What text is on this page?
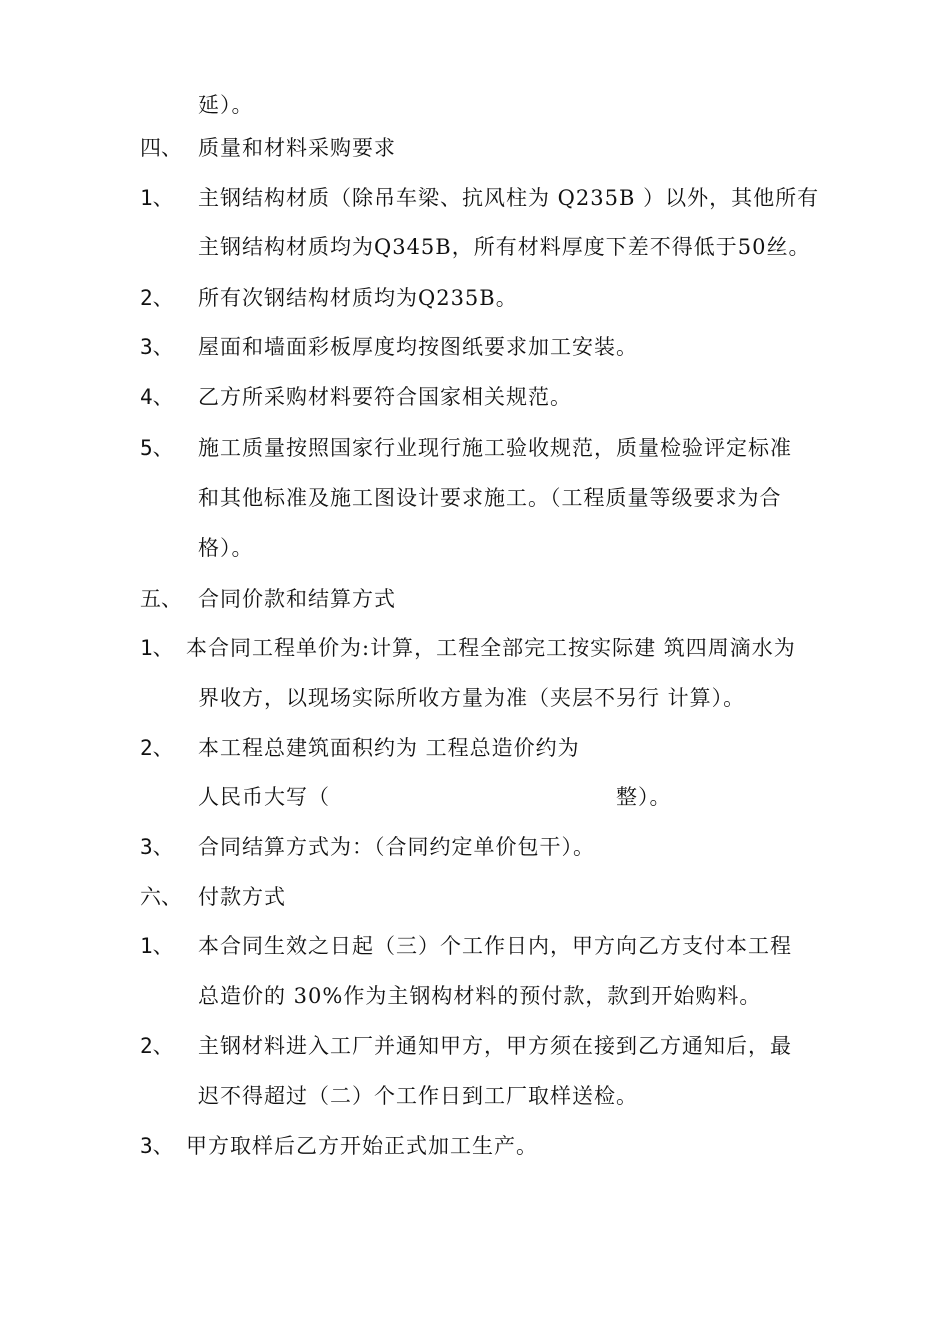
延）。
四、 质量和材料采购要求
1、 主钢结构材质（除吊车梁、抗风柱为 Q235B ）以外，其他所有
主钢结构材质均为Q345B，所有材料厚度下差不得低于50丝。
2、 所有次钢结构材质均为Q235B。
3、 屋面和墙面彩板厚度均按图纸要求加工安装。
4、 乙方所采购材料要符合国家相关规范。
5、 施工质量按照国家行业现行施工验收规范，质量检验评定标准
和其他标准及施工图设计要求施工。（工程质量等级要求为合
格）。
五、 合同价款和结算方式
1、 本合同工程单价为:计算，工程全部完工按实际建 筑四周滴水为
界收方，以现场实际所收方量为准（夹层不另行 计算）。
2、 本工程总建筑面积约为 工程总造价约为
人民币大写（	整）。
3、 合同结算方式为：（合同约定单价包干）。
六、 付款方式
1、 本合同生效之日起（三）个工作日内，甲方向乙方支付本工程
总造价的 30%作为主钢构材料的预付款，款到开始购料。
2、 主钢材料进入工厂并通知甲方，甲方须在接到乙方通知后，最
迟不得超过（二）个工作日到工厂取样送检。
3、 甲方取样后乙方开始正式加工生产。
